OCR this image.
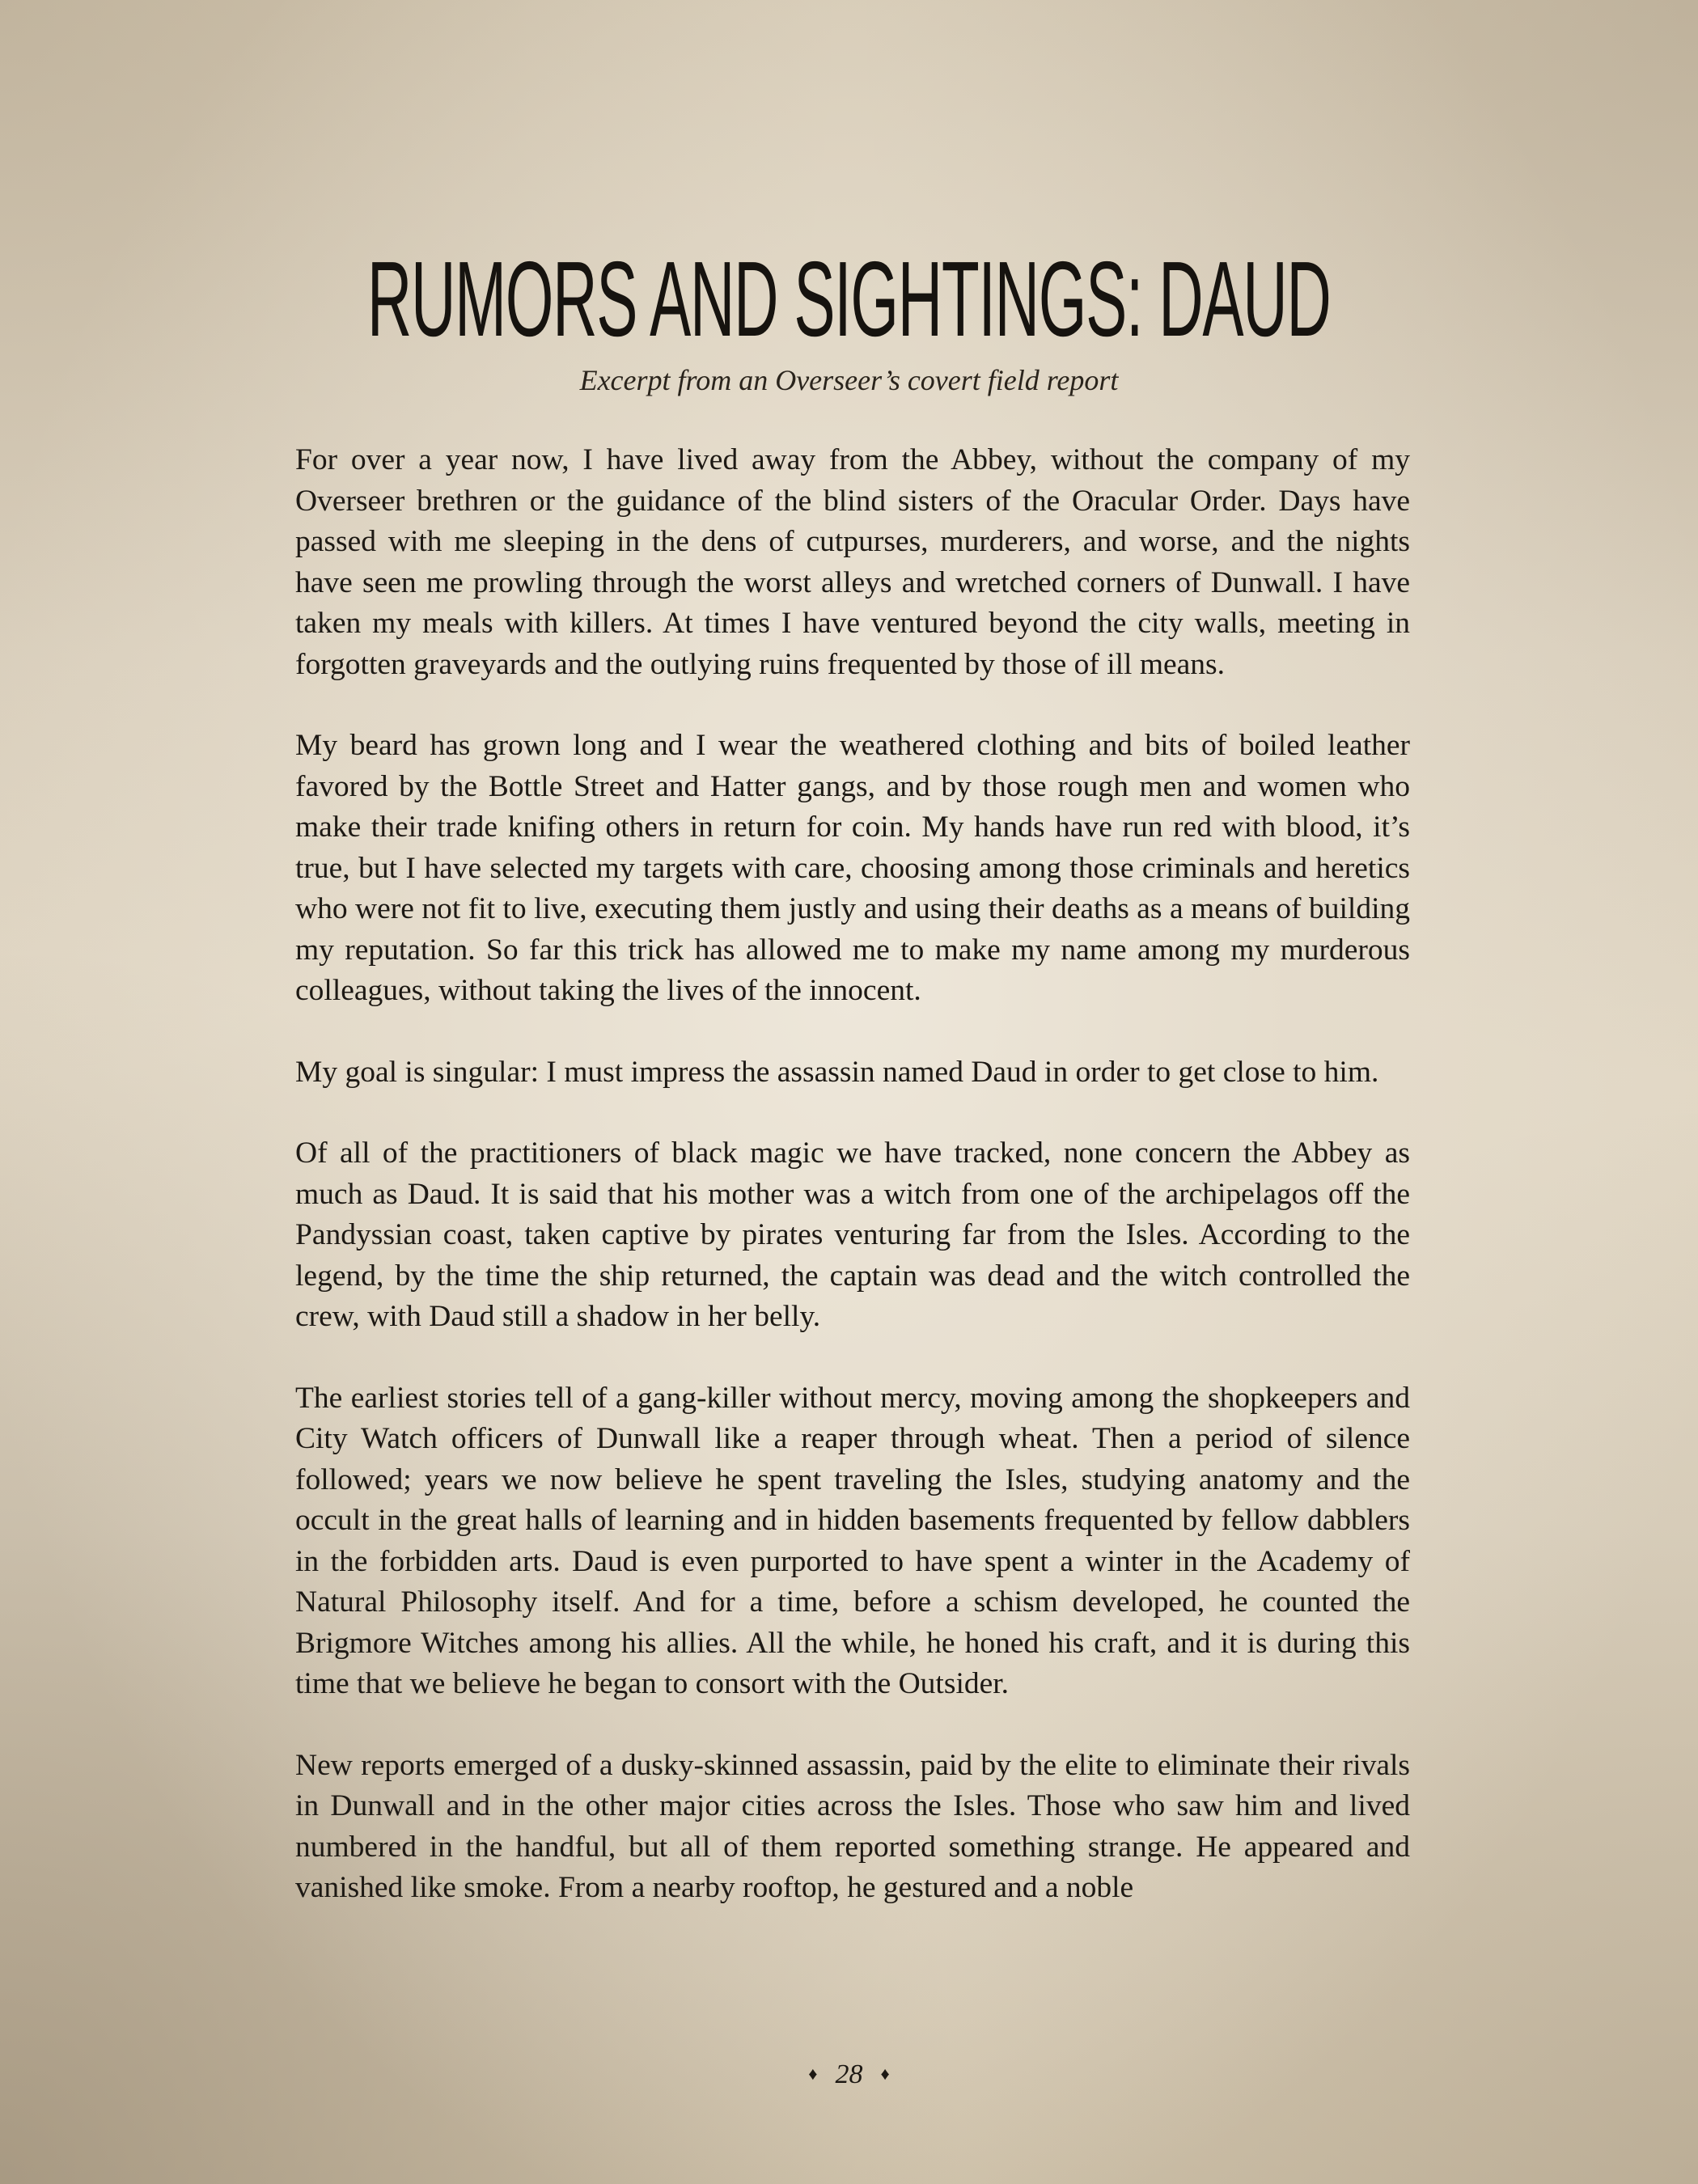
RUMORS AND SIGHTINGS: DAUD
Excerpt from an Overseer’s covert field report

For over a year now, I have lived away from the Abbey, without the company of my Overseer brethren or the guidance of the blind sisters of the Oracular Order. Days have passed with me sleeping in the dens of cutpurses, murderers, and worse, and the nights have seen me prowling through the worst alleys and wretched corners of Dunwall. I have taken my meals with killers. At times I have ventured beyond the city walls, meeting in forgotten graveyards and the outlying ruins frequented by those of ill means.

My beard has grown long and I wear the weathered clothing and bits of boiled leather favored by the Bottle Street and Hatter gangs, and by those rough men and women who make their trade knifing others in return for coin. My hands have run red with blood, it’s true, but I have selected my targets with care, choosing among those criminals and heretics who were not fit to live, executing them justly and using their deaths as a means of building my reputation. So far this trick has allowed me to make my name among my murderous colleagues, without taking the lives of the innocent.

My goal is singular: I must impress the assassin named Daud in order to get close to him.

Of all of the practitioners of black magic we have tracked, none concern the Abbey as much as Daud. It is said that his mother was a witch from one of the archipelagos off the Pandyssian coast, taken captive by pirates venturing far from the Isles. According to the legend, by the time the ship returned, the captain was dead and the witch controlled the crew, with Daud still a shadow in her belly.

The earliest stories tell of a gang-killer without mercy, moving among the shopkeepers and City Watch officers of Dunwall like a reaper through wheat. Then a period of silence followed; years we now believe he spent traveling the Isles, studying anatomy and the occult in the great halls of learning and in hidden basements frequented by fellow dabblers in the forbidden arts. Daud is even purported to have spent a winter in the Academy of Natural Philosophy itself. And for a time, before a schism developed, he counted the Brigmore Witches among his allies. All the while, he honed his craft, and it is during this time that we believe he began to consort with the Outsider.

New reports emerged of a dusky-skinned assassin, paid by the elite to eliminate their rivals in Dunwall and in the other major cities across the Isles. Those who saw him and lived numbered in the handful, but all of them reported something strange. He appeared and vanished like smoke. From a nearby rooftop, he gestured and a noble

♦ 28 ♦
